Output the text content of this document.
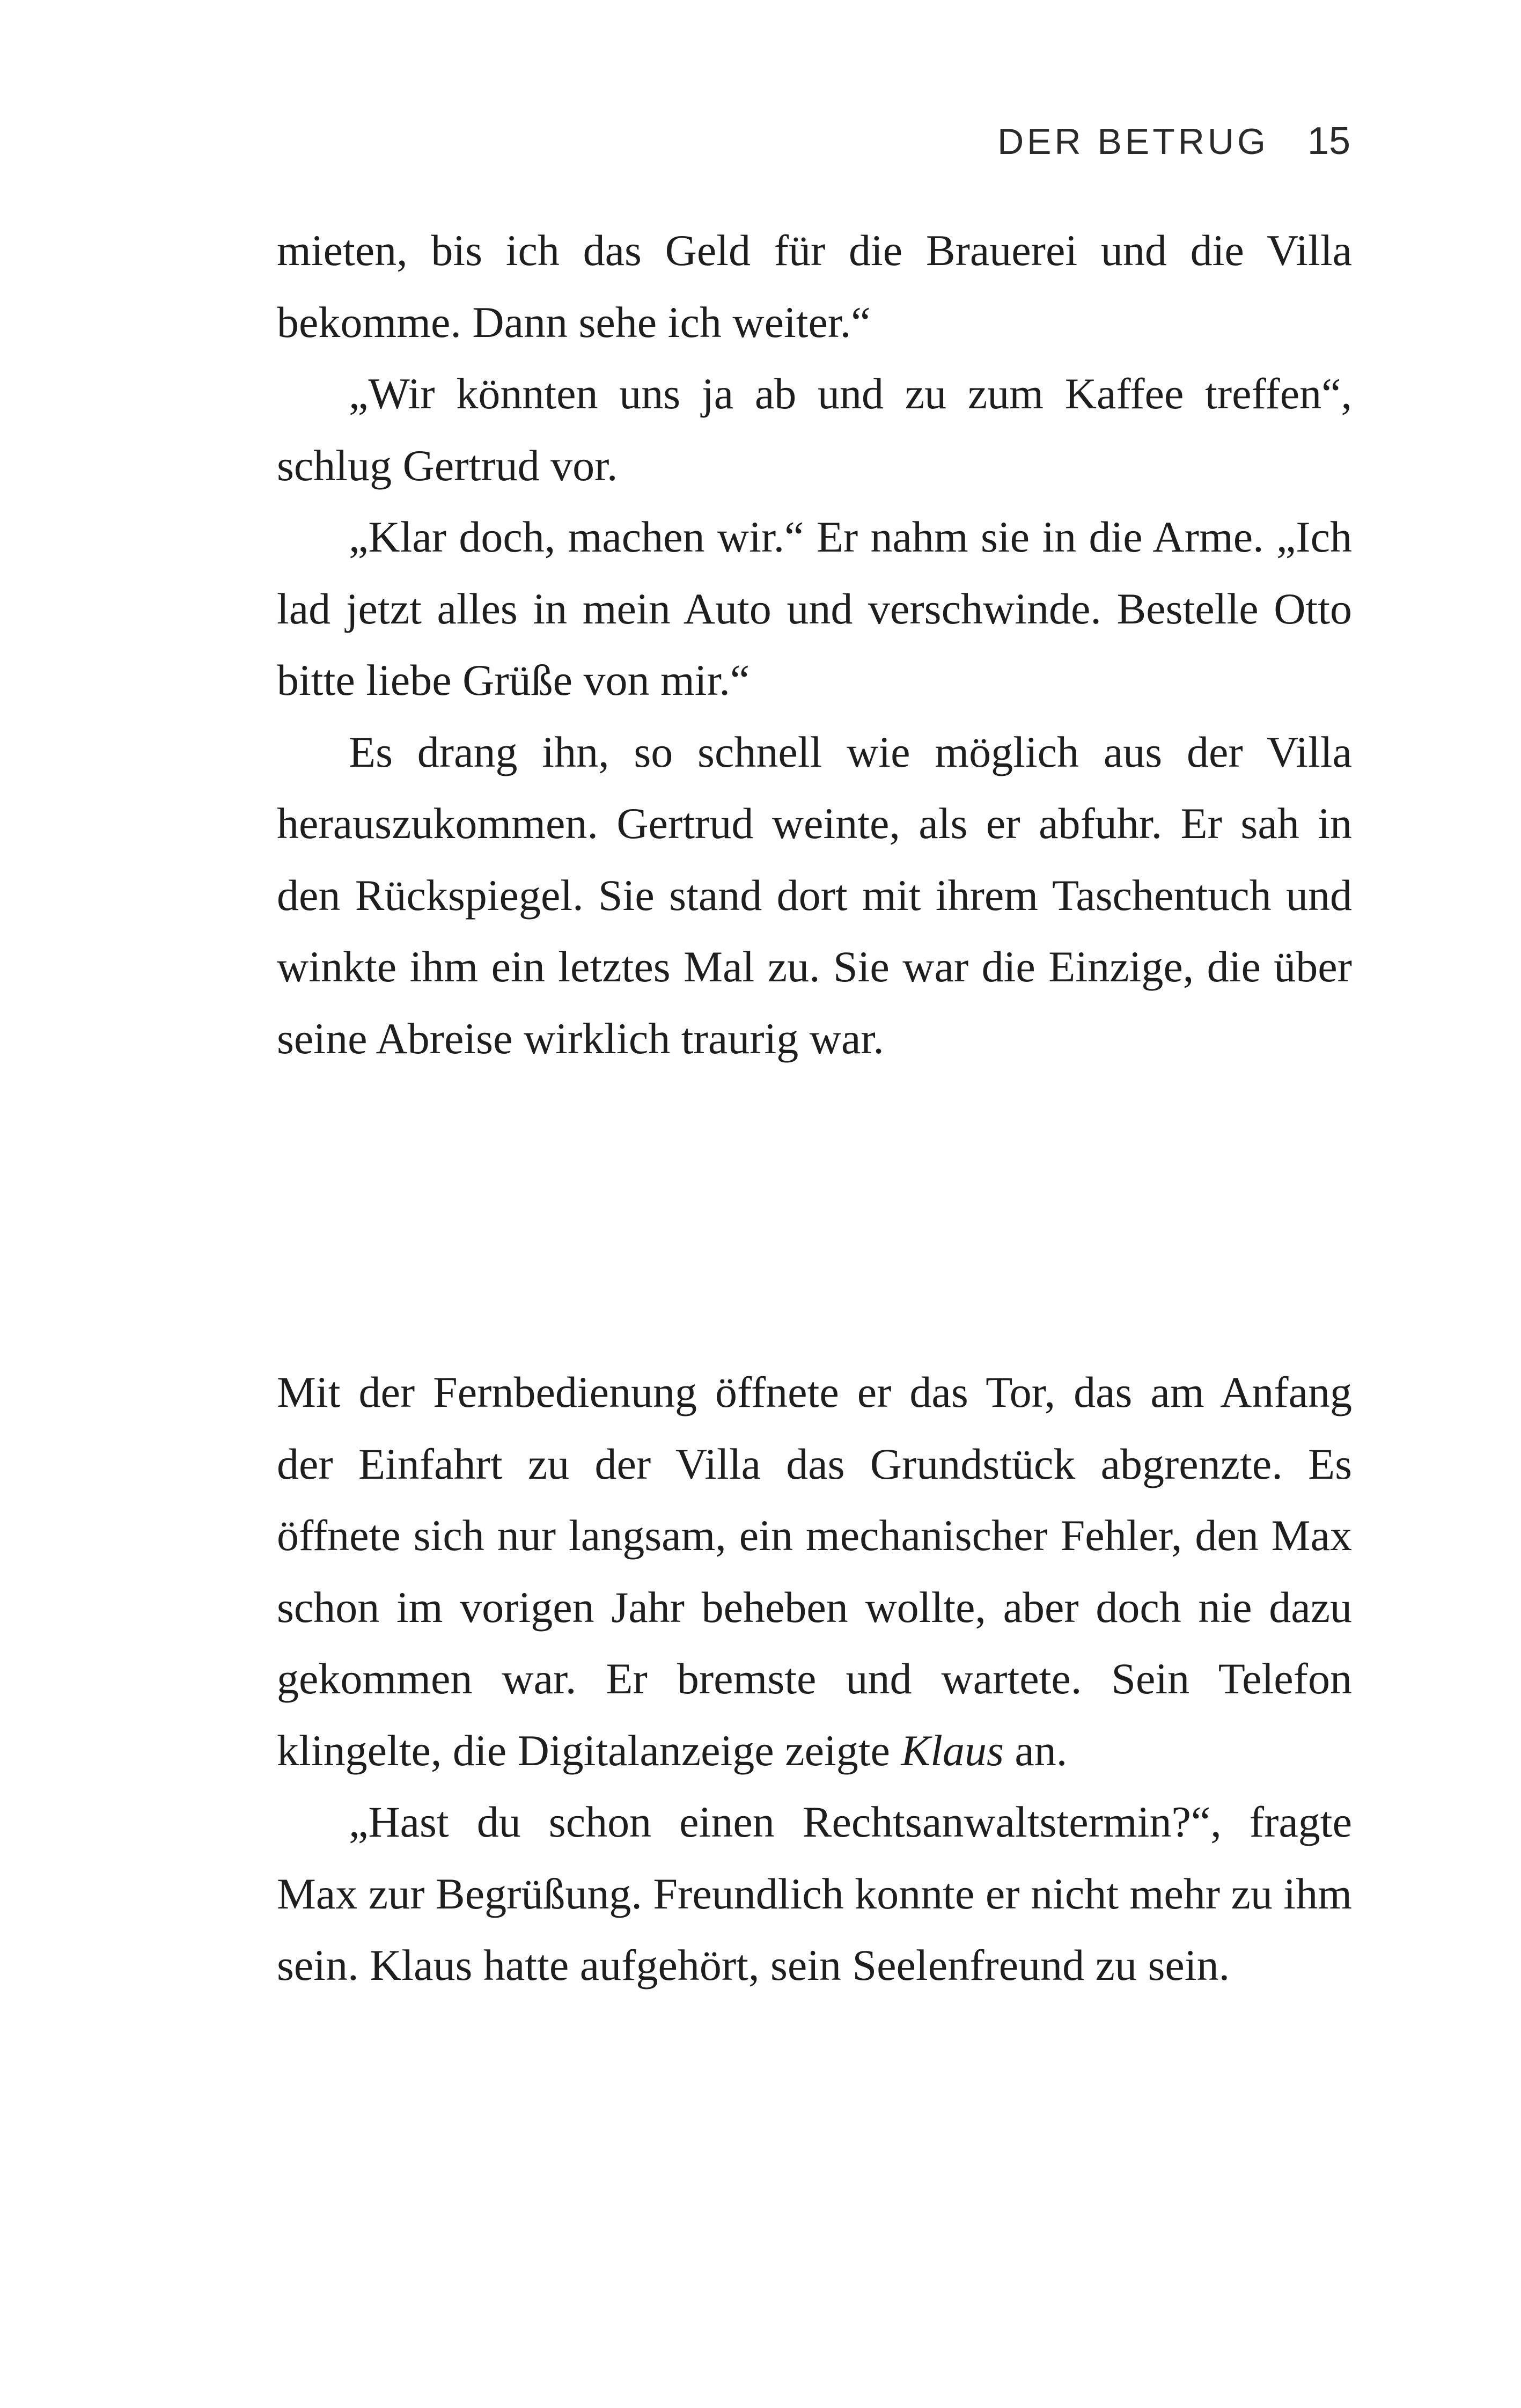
DER BETRUG 15

mieten, bis ich das Geld für die Brauerei und die Villa bekomme. Dann sehe ich weiter.“

„Wir könnten uns ja ab und zu zum Kaffee treffen“, schlug Gertrud vor.

„Klar doch, machen wir.“ Er nahm sie in die Arme. „Ich lad jetzt alles in mein Auto und verschwinde. Bestelle Otto bitte liebe Grüße von mir.“

Es drang ihn, so schnell wie möglich aus der Villa herauszukommen. Gertrud weinte, als er abfuhr. Er sah in den Rückspiegel. Sie stand dort mit ihrem Taschentuch und winkte ihm ein letztes Mal zu. Sie war die Einzige, die über seine Abreise wirklich traurig war.

Mit der Fernbedienung öffnete er das Tor, das am Anfang der Einfahrt zu der Villa das Grundstück abgrenzte. Es öffnete sich nur langsam, ein mechanischer Fehler, den Max schon im vorigen Jahr beheben wollte, aber doch nie dazu gekommen war. Er bremste und wartete. Sein Telefon klingelte, die Digitalanzeige zeigte Klaus an.

„Hast du schon einen Rechtsanwaltstermin?“, fragte Max zur Begrüßung. Freundlich konnte er nicht mehr zu ihm sein. Klaus hatte aufgehört, sein Seelenfreund zu sein.
